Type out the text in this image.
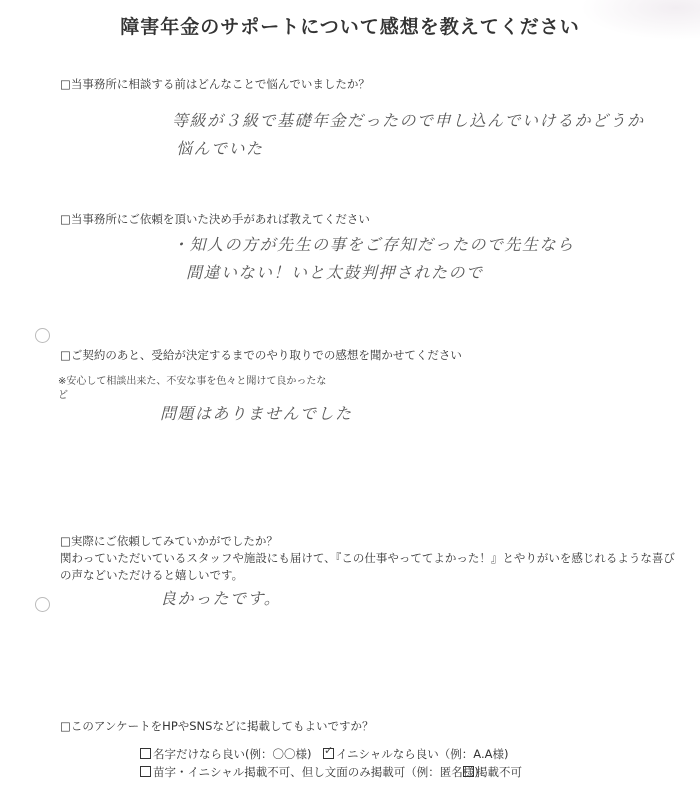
障害年金のサポートについて感想を教えてください
□当事務所に相談する前はどんなことで悩んでいましたか？
等級が３級で基礎年金だったので申し込んでいけるかどうか
悩んでいた
□当事務所にご依頼を頂いた決め手があれば教えてください
・知人の方が先生の事をご存知だったので先生なら
間違いない！いと太鼓判押されたので
□ご契約のあと、受給が決定するまでのやり取りでの感想を聞かせてください
※安心して相談出来た、不安な事を色々と聞けて良かったな
ど
問題はありませんでした
□実際にご依頼してみていかがでしたか？
関わっていただいているスタッフや施設にも届けて、『この仕事やっててよかった！』とやりがいを感じれるような喜び
の声などいただけると嬉しいです。
良かったです。
□このアンケートをHPやSNSなどに掲載してもよいですか？
名字だけなら良い(例：〇〇様)
✓	イニシャルなら良い（例：A.A様)
苗字・イニシャル掲載不可、但し文面のみ掲載可（例：匿名様)
掲載不可
